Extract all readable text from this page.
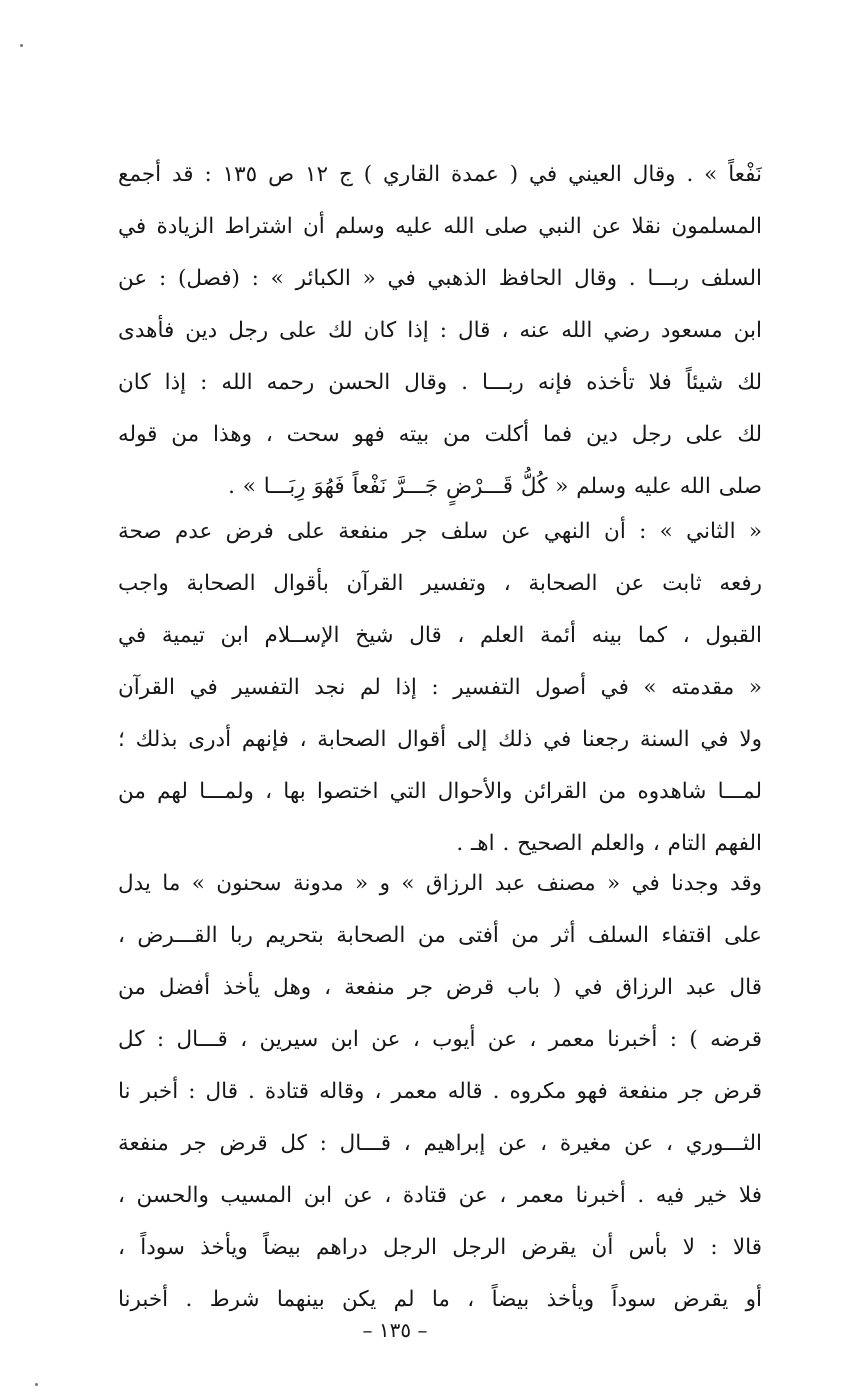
نَفْعاً » . وقال العيني في ( عمدة القاري ) ج ١٢ ص ١٣٥ : قد أجمع
المسلمون نقلا عن النبي صلى الله عليه وسلم أن اشتراط الزيادة في
السلف ربـــا . وقال الحافظ الذهبي في « الكبائر » : (فصل) : عن
ابن مسعود رضي الله عنه ، قال : إذا كان لك على رجل دين فأهدى
لك شيئاً فلا تأخذه فإنه ربـــا . وقال الحسن رحمه الله : إذا كان
لك على رجل دين فما أكلت من بيته فهو سحت ، وهذا من قوله
صلى الله عليه وسلم « كُلُّ قَـــرْضٍ جَـــرَّ نَفْعاً فَهُوَ رِبَـــا » .
« الثاني » : أن النهي عن سلف جر منفعة على فرض عدم صحة
رفعه ثابت عن الصحابة ، وتفسير القرآن بأقوال الصحابة واجب
القبول ، كما بينه أئمة العلم ، قال شيخ الإســلام ابن تيمية في
« مقدمته » في أصول التفسير : إذا لم نجد التفسير في القرآن
ولا في السنة رجعنا في ذلك إلى أقوال الصحابة ، فإنهم أدرى بذلك ؛
لمـــا شاهدوه من القرائن والأحوال التي اختصوا بها ، ولمـــا لهم من
الفهم التام ، والعلم الصحيح . اهـ .
وقد وجدنا في « مصنف عبد الرزاق » و « مدونة سحنون » ما يدل
على اقتفاء السلف أثر من أفتى من الصحابة بتحريم ربا القـــرض ،
قال عبد الرزاق في ( باب قرض جر منفعة ، وهل يأخذ أفضل من
قرضه ) : أخبرنا معمر ، عن أيوب ، عن ابن سيرين ، قـــال : كل
قرض جر منفعة فهو مكروه . قاله معمر ، وقاله قتادة . قال : أخبر نا
الثـــوري ، عن مغيرة ، عن إبراهيم ، قـــال : كل قرض جر منفعة
فلا خير فيه . أخبرنا معمر ، عن قتادة ، عن ابن المسيب والحسن ،
قالا : لا بأس أن يقرض الرجل الرجل دراهم بيضاً ويأخذ سوداً ،
أو يقرض سوداً ويأخذ بيضاً ، ما لم يكن بينهما شرط . أخبرنا
– ١٣٥ –
